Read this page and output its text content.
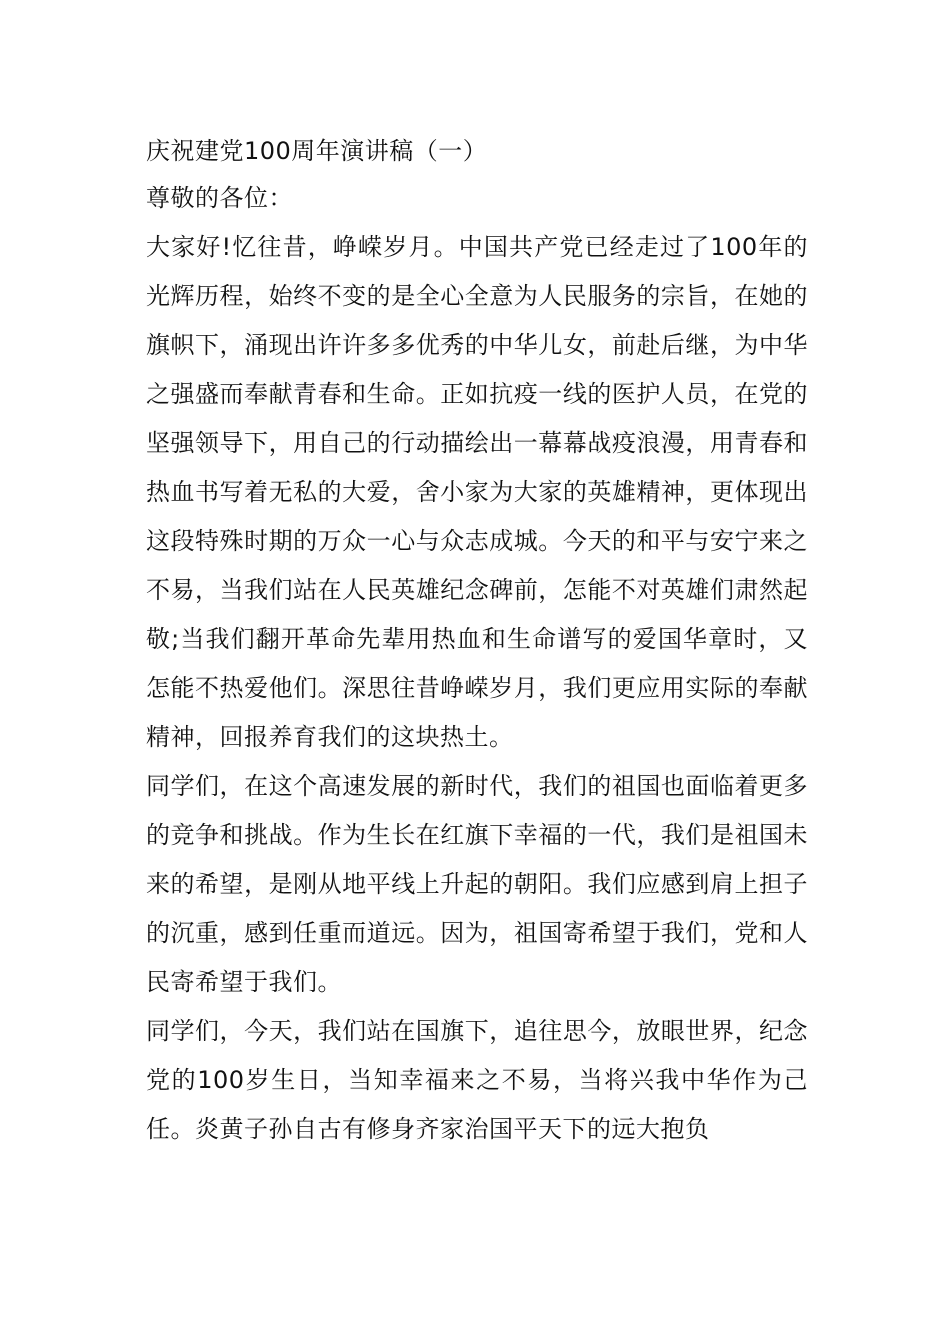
庆祝建党100周年演讲稿（一）

尊敬的各位：

大家好!忆往昔，峥嵘岁月。中国共产党已经走过了100年的光辉历程，始终不变的是全心全意为人民服务的宗旨，在她的旗帜下，涌现出许许多多优秀的中华儿女，前赴后继，为中华之强盛而奉献青春和生命。正如抗疫一线的医护人员，在党的坚强领导下，用自己的行动描绘出一幕幕战疫浪漫，用青春和热血书写着无私的大爱，舍小家为大家的英雄精神，更体现出这段特殊时期的万众一心与众志成城。今天的和平与安宁来之不易，当我们站在人民英雄纪念碑前，怎能不对英雄们肃然起敬;当我们翻开革命先辈用热血和生命谱写的爱国华章时，又怎能不热爱他们。深思往昔峥嵘岁月，我们更应用实际的奉献精神，回报养育我们的这块热土。

同学们，在这个高速发展的新时代，我们的祖国也面临着更多的竞争和挑战。作为生长在红旗下幸福的一代，我们是祖国未来的希望，是刚从地平线上升起的朝阳。我们应感到肩上担子的沉重，感到任重而道远。因为，祖国寄希望于我们，党和人民寄希望于我们。

同学们，今天，我们站在国旗下，追往思今，放眼世界，纪念党的100岁生日，当知幸福来之不易，当将兴我中华作为己任。炎黄子孙自古有修身齐家治国平天下的远大抱负
